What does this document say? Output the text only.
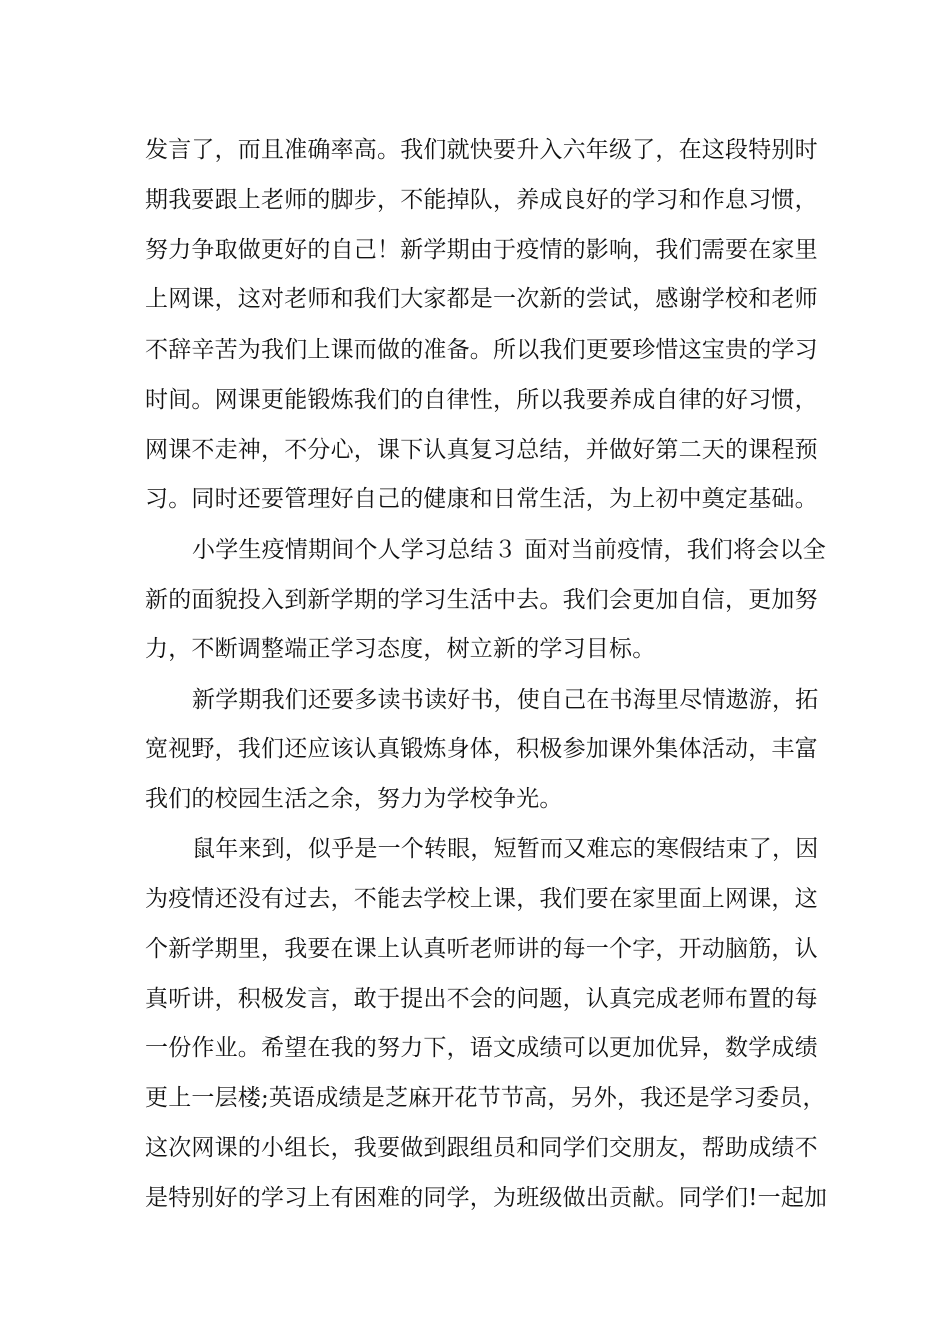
发言了，而且准确率高。我们就快要升入六年级了，在这段特别时
期我要跟上老师的脚步，不能掉队，养成良好的学习和作息习惯，
努力争取做更好的自己！新学期由于疫情的影响，我们需要在家里
上网课，这对老师和我们大家都是一次新的尝试，感谢学校和老师
不辞辛苦为我们上课而做的准备。所以我们更要珍惜这宝贵的学习
时间。网课更能锻炼我们的自律性，所以我要养成自律的好习惯，
网课不走神，不分心，课下认真复习总结，并做好第二天的课程预
习。同时还要管理好自己的健康和日常生活，为上初中奠定基础。
小学生疫情期间个人学习总结３ 面对当前疫情，我们将会以全
新的面貌投入到新学期的学习生活中去。我们会更加自信，更加努
力，不断调整端正学习态度，树立新的学习目标。
新学期我们还要多读书读好书，使自己在书海里尽情遨游，拓
宽视野，我们还应该认真锻炼身体，积极参加课外集体活动，丰富
我们的校园生活之余，努力为学校争光。
鼠年来到，似乎是一个转眼，短暂而又难忘的寒假结束了，因
为疫情还没有过去，不能去学校上课，我们要在家里面上网课，这
个新学期里，我要在课上认真听老师讲的每一个字，开动脑筋，认
真听讲，积极发言，敢于提出不会的问题，认真完成老师布置的每
一份作业。希望在我的努力下，语文成绩可以更加优异，数学成绩
更上一层楼;英语成绩是芝麻开花节节高，另外，我还是学习委员，
这次网课的小组长，我要做到跟组员和同学们交朋友，帮助成绩不
是特别好的学习上有困难的同学，为班级做出贡献。同学们!一起加
